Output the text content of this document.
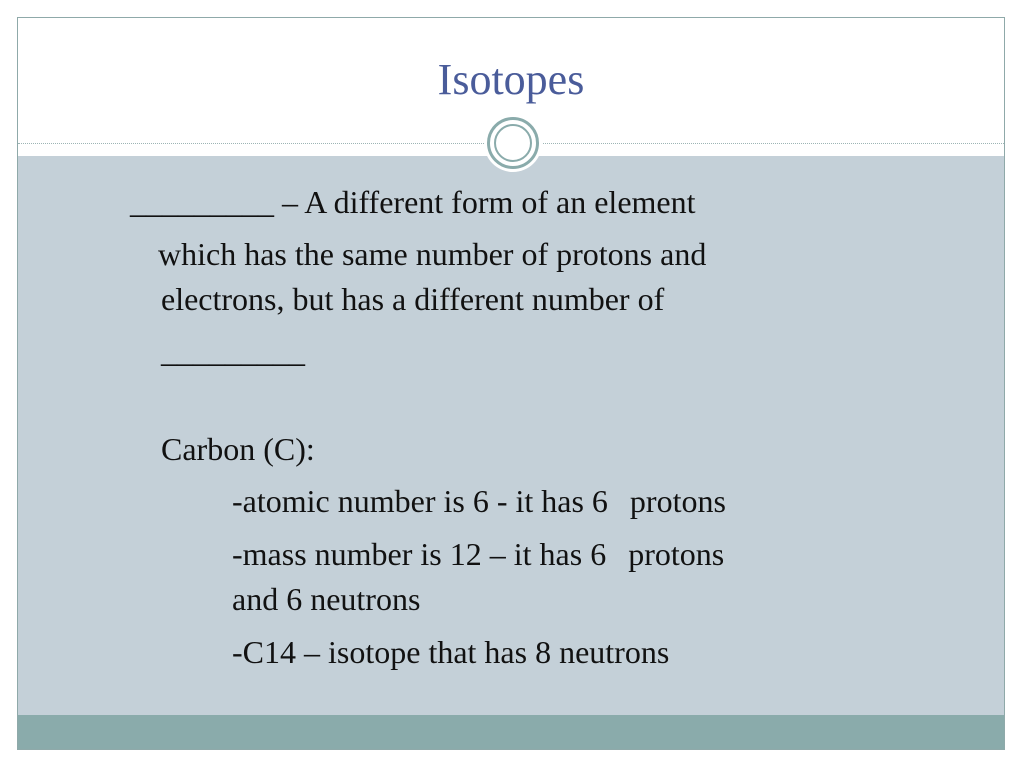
Isotopes

_________ – A different form of an element

which has the same number of protons and

electrons, but has a different number of

_________

Carbon (C):

-atomic number is 6 - it has 6 protons

-mass number is 12 – it has 6 protons

and 6 neutrons

-C14 – isotope that has 8 neutrons
